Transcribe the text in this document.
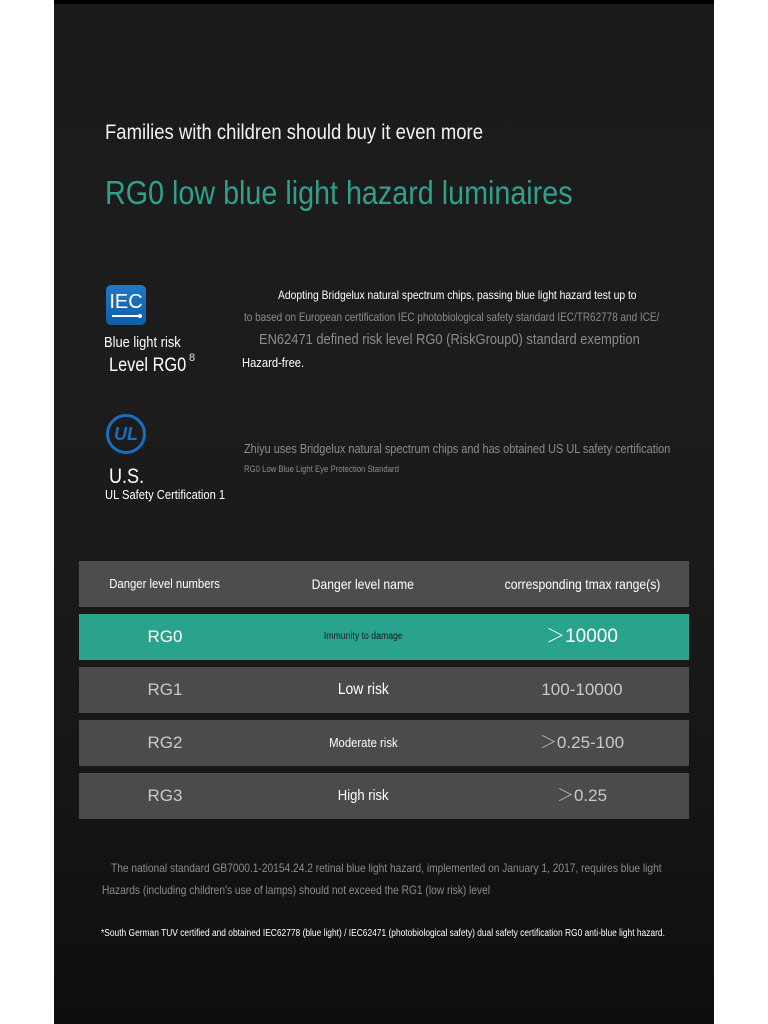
Families with children should buy it even more
RG0 low blue light hazard luminaires
IEC
Blue light risk
Level RG0 8
Adopting Bridgelux natural spectrum chips, passing blue light hazard test up to
to based on European certification IEC photobiological safety standard IEC/TR62778 and ICE/
EN62471 defined risk level RG0 (RiskGroup0) standard exemption
Hazard-free.
UL
U.S.
UL Safety Certification 1
Zhiyu uses Bridgelux natural spectrum chips and has obtained US UL safety certification
RG0 Low Blue Light Eye Protection Standard
Danger level numbers	Danger level name	corresponding tmax range(s)
RG0	Immunity to damage	＞10000
RG1	Low risk	100-10000
RG2	Moderate risk	＞0.25-100
RG3	High risk	＞0.25
The national standard GB7000.1-20154.24.2 retinal blue light hazard, implemented on January 1, 2017, requires blue light
Hazards (including children's use of lamps) should not exceed the RG1 (low risk) level
*South German TUV certified and obtained IEC62778 (blue light) / IEC62471 (photobiological safety) dual safety certification RG0 anti-blue light hazard.
